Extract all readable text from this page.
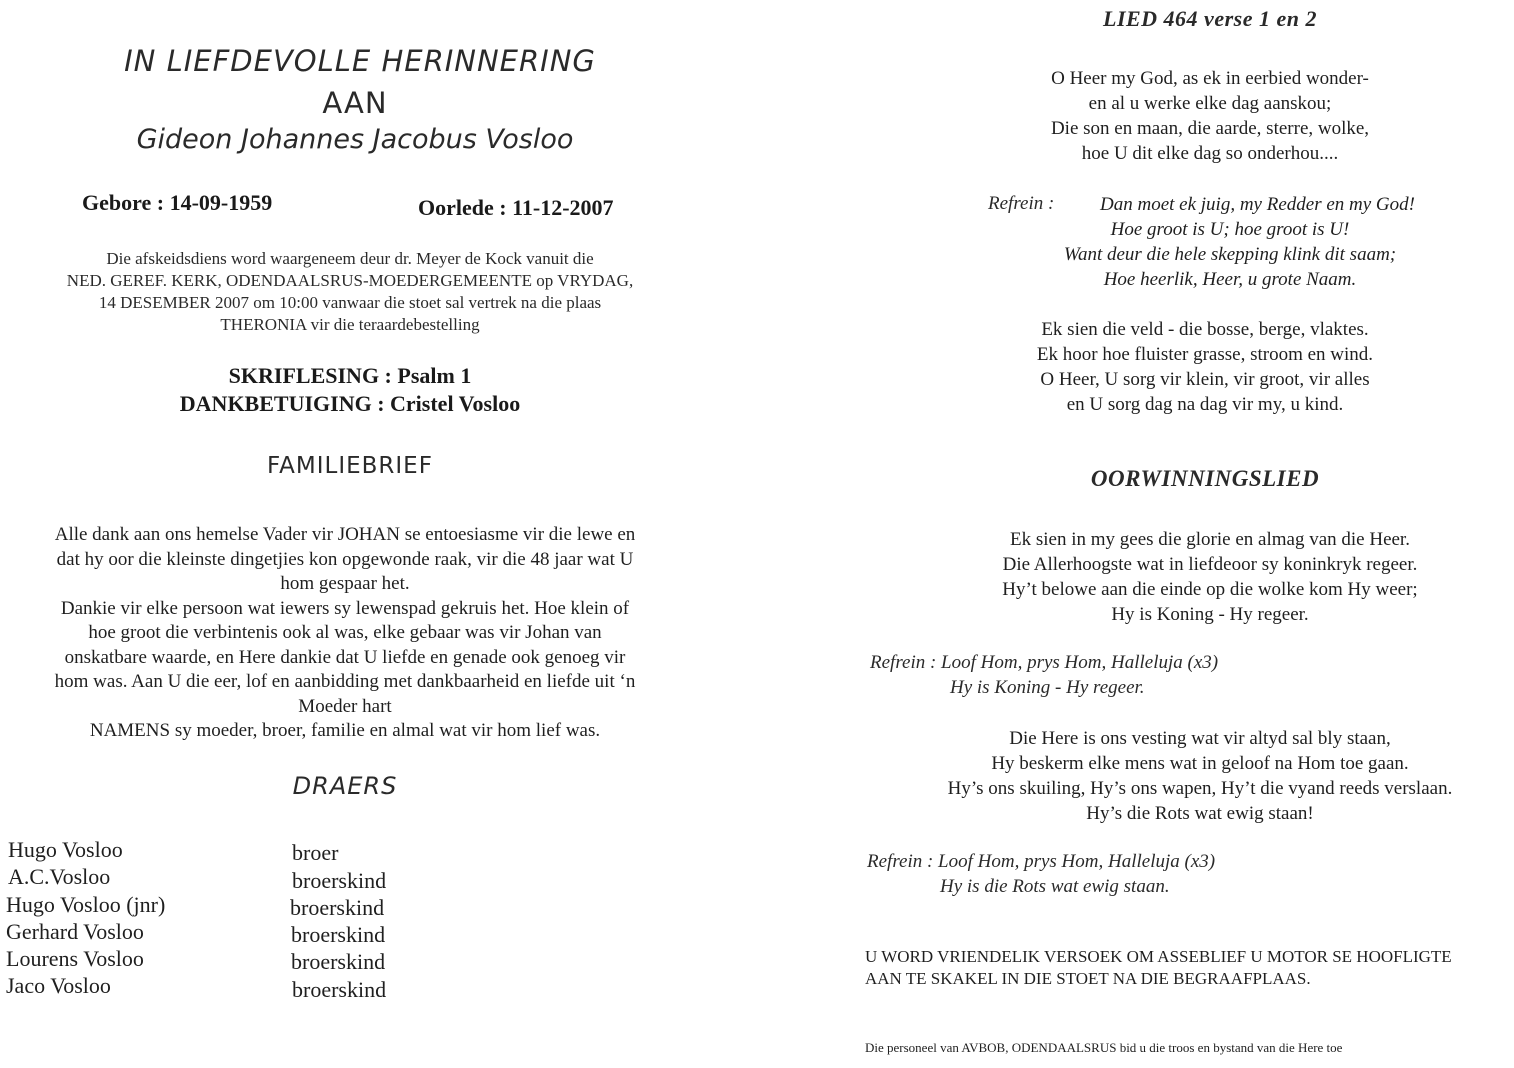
IN LIEFDEVOLLE HERINNERING
AAN
Gideon Johannes Jacobus Vosloo
Gebore : 14-09-1959	Oorlede : 11-12-2007
Die afskeidsdiens word waargeneem deur dr. Meyer de Kock vanuit die
NED. GEREF. KERK, ODENDAALSRUS-MOEDERGEMEENTE op VRYDAG,
14 DESEMBER 2007 om 10:00 vanwaar die stoet sal vertrek na die plaas
THERONIA vir die teraardebestelling
SKRIFLESING : Psalm 1
DANKBETUIGING : Cristel Vosloo
FAMILIEBRIEF
Alle dank aan ons hemelse Vader vir JOHAN se entoesiasme vir die lewe en
dat hy oor die kleinste dingetjies kon opgewonde raak, vir die 48 jaar wat U
hom gespaar het.
Dankie vir elke persoon wat iewers sy lewenspad gekruis het. Hoe klein of
hoe groot die verbintenis ook al was, elke gebaar was vir Johan van
onskatbare waarde, en Here dankie dat U liefde en genade ook genoeg vir
hom was. Aan U die eer, lof en aanbidding met dankbaarheid en liefde uit ‘n
Moeder hart
NAMENS sy moeder, broer, familie en almal wat vir hom lief was.
DRAERS
Hugo Vosloo	broer
A.C.Vosloo	broerskind
Hugo Vosloo (jnr)	broerskind
Gerhard Vosloo	broerskind
Lourens Vosloo	broerskind
Jaco Vosloo	broerskind
LIED 464 verse 1 en 2
O Heer my God, as ek in eerbied wonder-
en al u werke elke dag aanskou;
Die son en maan, die aarde, sterre, wolke,
hoe U dit elke dag so onderhou....
Refrein :	Dan moet ek juig, my Redder en my God!
Hoe groot is U; hoe groot is U!
Want deur die hele skepping klink dit saam;
Hoe heerlik, Heer, u grote Naam.
Ek sien die veld - die bosse, berge, vlaktes.
Ek hoor hoe fluister grasse, stroom en wind.
O Heer, U sorg vir klein, vir groot, vir alles
en U sorg dag na dag vir my, u kind.
OORWINNINGSLIED
Ek sien in my gees die glorie en almag van die Heer.
Die Allerhoogste wat in liefdeoor sy koninkryk regeer.
Hy’t belowe aan die einde op die wolke kom Hy weer;
Hy is Koning - Hy regeer.
Refrein : Loof Hom, prys Hom, Halleluja (x3)
Hy is Koning - Hy regeer.
Die Here is ons vesting wat vir altyd sal bly staan,
Hy beskerm elke mens wat in geloof na Hom toe gaan.
Hy’s ons skuiling, Hy’s ons wapen, Hy’t die vyand reeds verslaan.
Hy’s die Rots wat ewig staan!
Refrein : Loof Hom, prys Hom, Halleluja (x3)
Hy is die Rots wat ewig staan.
U WORD VRIENDELIK VERSOEK OM ASSEBLIEF U MOTOR SE HOOFLIGTE
AAN TE SKAKEL IN DIE STOET NA DIE BEGRAAFPLAAS.
Die personeel van AVBOB, ODENDAALSRUS bid u die troos en bystand van die Here toe
